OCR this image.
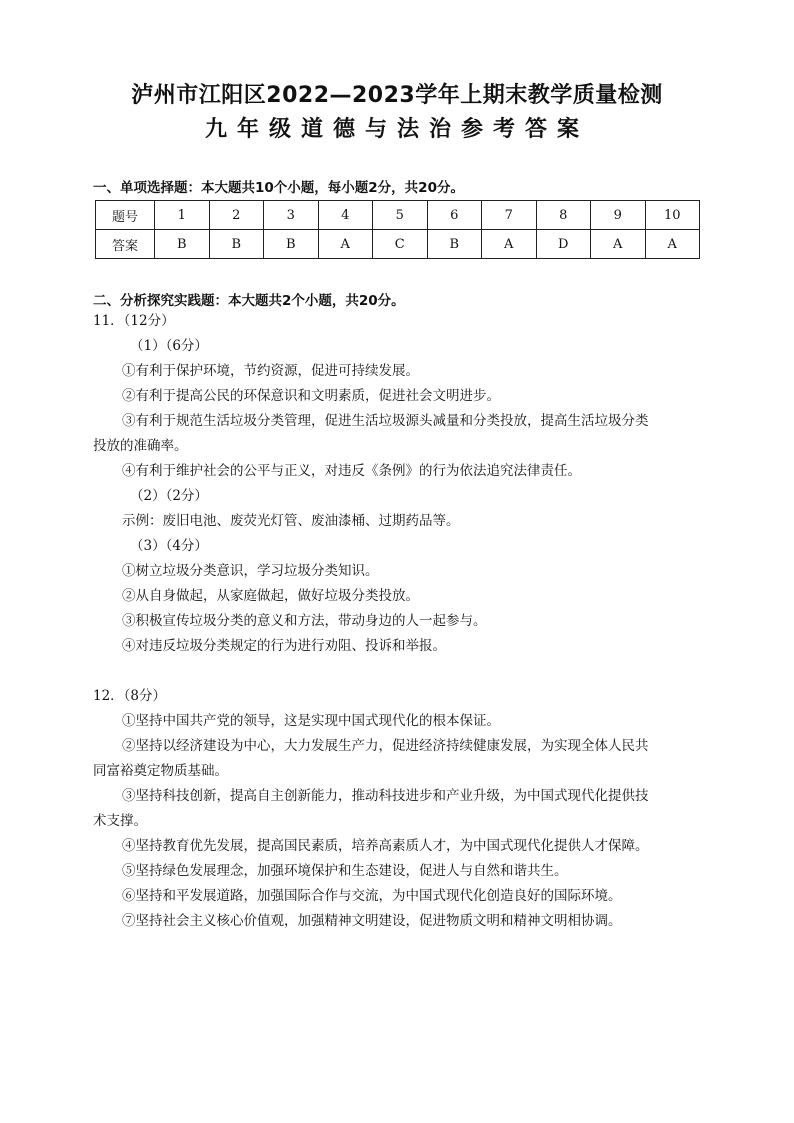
泸州市江阳区2022—2023学年上期末教学质量检测
九年级道德与法治参考答案
一、单项选择题：本大题共10个小题，每小题2分，共20分。
题号	1	2	3	4	5	6	7	8	9	10
答案	B	B	B	A	C	B	A	D	A	A
二、分析探究实践题：本大题共2个小题，共20分。
11．（12分）
（1）（6分）
①有利于保护环境，节约资源，促进可持续发展。
②有利于提高公民的环保意识和文明素质，促进社会文明进步。
③有利于规范生活垃圾分类管理，促进生活垃圾源头减量和分类投放，提高生活垃圾分类
投放的准确率。
④有利于维护社会的公平与正义，对违反《条例》的行为依法追究法律责任。
（2）（2分）
示例：废旧电池、废荧光灯管、废油漆桶、过期药品等。
（3）（4分）
①树立垃圾分类意识，学习垃圾分类知识。
②从自身做起，从家庭做起，做好垃圾分类投放。
③积极宣传垃圾分类的意义和方法，带动身边的人一起参与。
④对违反垃圾分类规定的行为进行劝阻、投诉和举报。
12．（8分）
①坚持中国共产党的领导，这是实现中国式现代化的根本保证。
②坚持以经济建设为中心，大力发展生产力，促进经济持续健康发展，为实现全体人民共
同富裕奠定物质基础。
③坚持科技创新，提高自主创新能力，推动科技进步和产业升级，为中国式现代化提供技
术支撑。
④坚持教育优先发展，提高国民素质，培养高素质人才，为中国式现代化提供人才保障。
⑤坚持绿色发展理念，加强环境保护和生态建设，促进人与自然和谐共生。
⑥坚持和平发展道路，加强国际合作与交流，为中国式现代化创造良好的国际环境。
⑦坚持社会主义核心价值观，加强精神文明建设，促进物质文明和精神文明相协调。
